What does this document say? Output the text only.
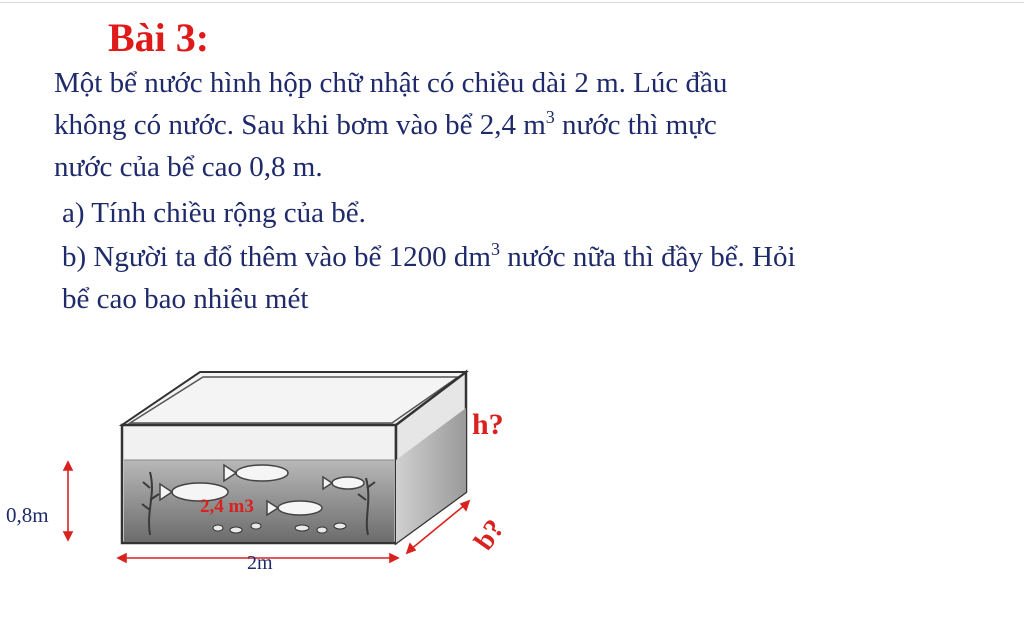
Bài 3:
Một bể nước hình hộp chữ nhật có chiều dài 2 m. Lúc đầu
không có nước. Sau khi bơm vào bể 2,4 $m^3$ nước thì mực
nước của bể cao 0,8 m.
a) Tính chiều rộng của bể.
b) Người ta đổ thêm vào bể 1200 $dm^3$ nước nữa thì đầy bể. Hỏi
bể cao bao nhiêu mét
2,4 m3
0,8m
2m
b?
h?
